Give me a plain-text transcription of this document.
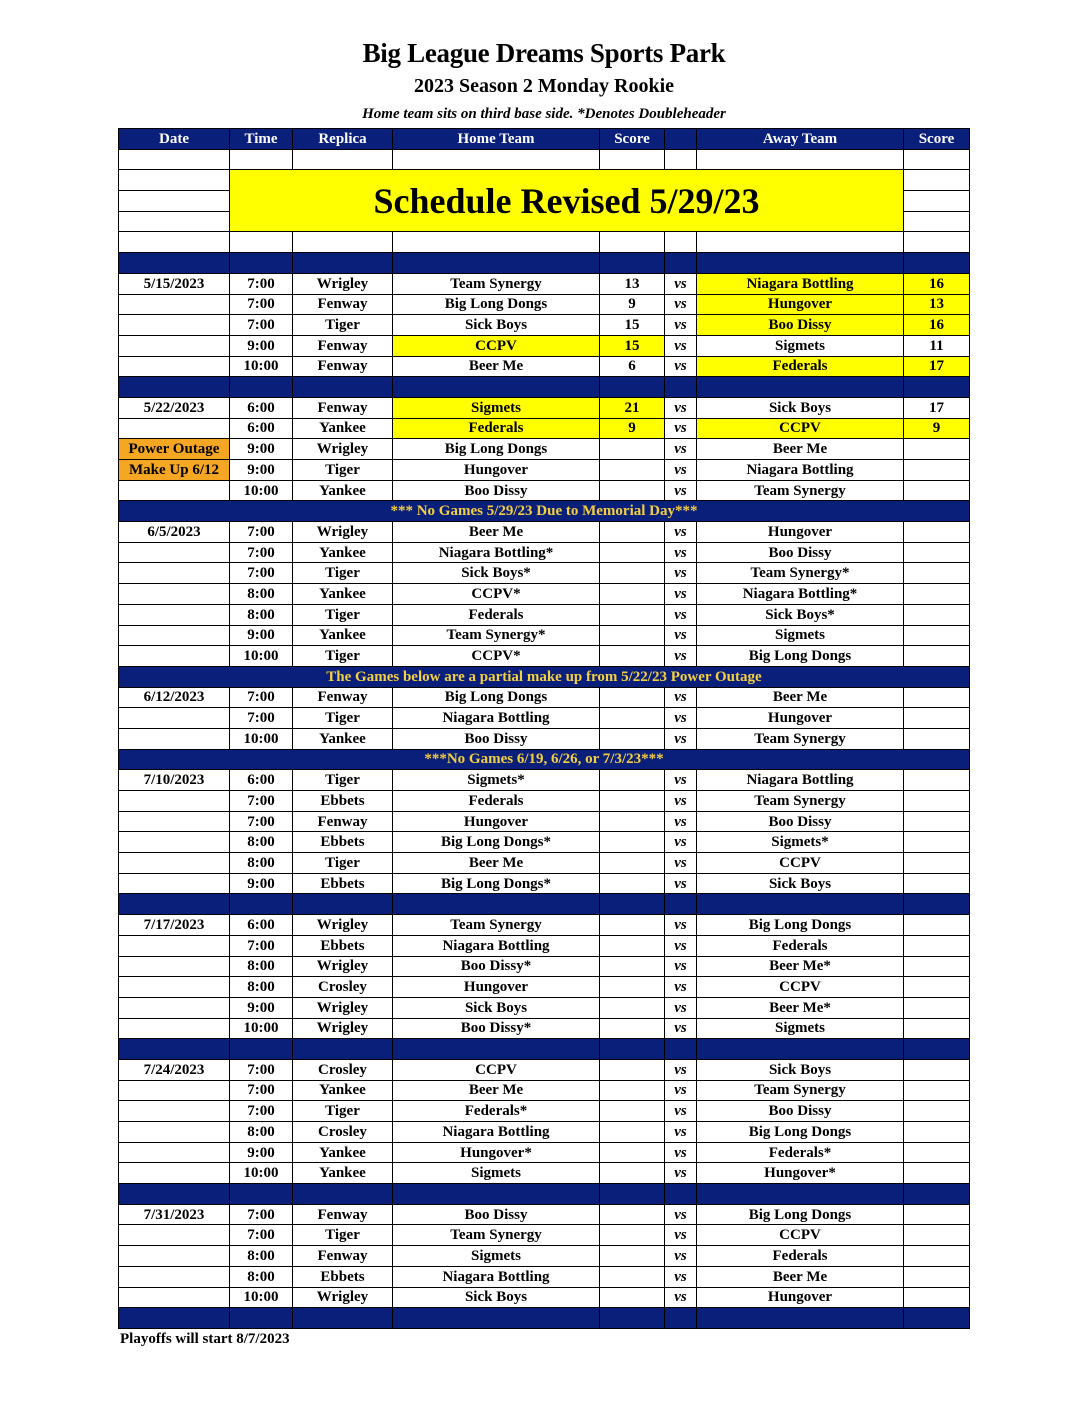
Big League Dreams Sports Park
2023 Season 2 Monday Rookie
Home team sits on third base side. *Denotes Doubleheader
Date	Time	Replica	Home Team	Score		Away Team	Score

	Schedule Revised 5/29/23						

5/15/2023	7:00	Wrigley	Team Synergy	13	vs	Niagara Bottling	16
	7:00	Fenway	Big Long Dongs	9	vs	Hungover	13
	7:00	Tiger	Sick Boys	15	vs	Boo Dissy	16
	9:00	Fenway	CCPV	15	vs	Sigmets	11
	10:00	Fenway	Beer Me	6	vs	Federals	17

5/22/2023	6:00	Fenway	Sigmets	21	vs	Sick Boys	17
	6:00	Yankee	Federals	9	vs	CCPV	9
Power Outage	9:00	Wrigley	Big Long Dongs		vs	Beer Me	
Make Up 6/12	9:00	Tiger	Hungover		vs	Niagara Bottling	
	10:00	Yankee	Boo Dissy		vs	Team Synergy	
*** No Games 5/29/23 Due to Memorial Day***							
6/5/2023	7:00	Wrigley	Beer Me		vs	Hungover	
	7:00	Yankee	Niagara Bottling*		vs	Boo Dissy	
	7:00	Tiger	Sick Boys*		vs	Team Synergy*	
	8:00	Yankee	CCPV*		vs	Niagara Bottling*	
	8:00	Tiger	Federals		vs	Sick Boys*	
	9:00	Yankee	Team Synergy*		vs	Sigmets	
	10:00	Tiger	CCPV*		vs	Big Long Dongs	
The Games below are a partial make up from 5/22/23 Power Outage							
6/12/2023	7:00	Fenway	Big Long Dongs		vs	Beer Me	
	7:00	Tiger	Niagara Bottling		vs	Hungover	
	10:00	Yankee	Boo Dissy		vs	Team Synergy	
***No Games 6/19, 6/26, or 7/3/23***							
7/10/2023	6:00	Tiger	Sigmets*		vs	Niagara Bottling	
	7:00	Ebbets	Federals		vs	Team Synergy	
	7:00	Fenway	Hungover		vs	Boo Dissy	
	8:00	Ebbets	Big Long Dongs*		vs	Sigmets*	
	8:00	Tiger	Beer Me		vs	CCPV	
	9:00	Ebbets	Big Long Dongs*		vs	Sick Boys	

7/17/2023	6:00	Wrigley	Team Synergy		vs	Big Long Dongs	
	7:00	Ebbets	Niagara Bottling		vs	Federals	
	8:00	Wrigley	Boo Dissy*		vs	Beer Me*	
	8:00	Crosley	Hungover		vs	CCPV	
	9:00	Wrigley	Sick Boys		vs	Beer Me*	
	10:00	Wrigley	Boo Dissy*		vs	Sigmets	

7/24/2023	7:00	Crosley	CCPV		vs	Sick Boys	
	7:00	Yankee	Beer Me		vs	Team Synergy	
	7:00	Tiger	Federals*		vs	Boo Dissy	
	8:00	Crosley	Niagara Bottling		vs	Big Long Dongs	
	9:00	Yankee	Hungover*		vs	Federals*	
	10:00	Yankee	Sigmets		vs	Hungover*	

7/31/2023	7:00	Fenway	Boo Dissy		vs	Big Long Dongs	
	7:00	Tiger	Team Synergy		vs	CCPV	
	8:00	Fenway	Sigmets		vs	Federals	
	8:00	Ebbets	Niagara Bottling		vs	Beer Me	
	10:00	Wrigley	Sick Boys		vs	Hungover	

Playoffs will start 8/7/2023
